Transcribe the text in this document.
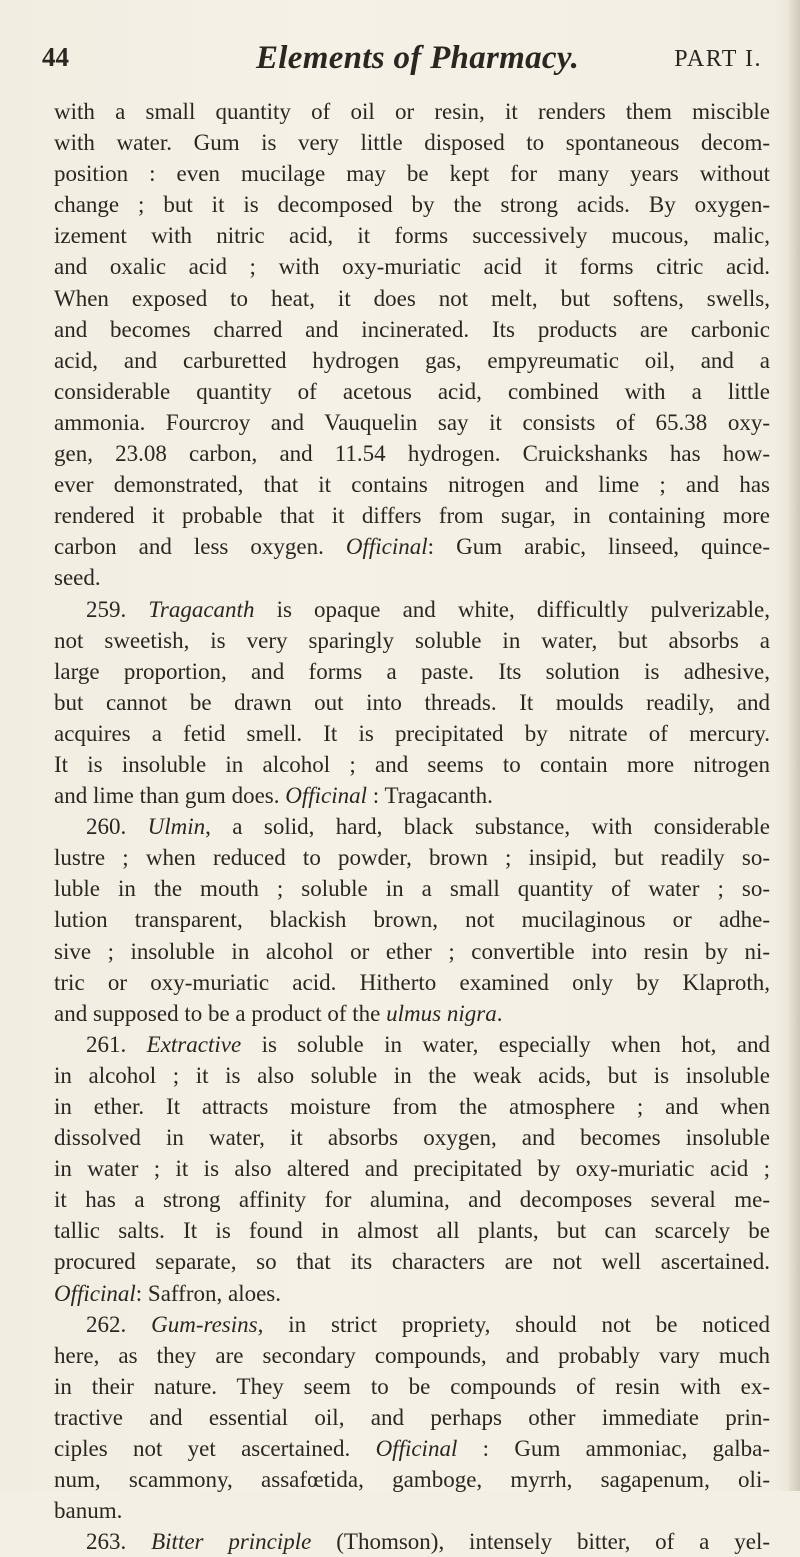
44	Elements of Pharmacy.	PART I.
with a small quantity of oil or resin, it renders them miscible
with water. Gum is very little disposed to spontaneous decom-
position : even mucilage may be kept for many years without
change ; but it is decomposed by the strong acids. By oxygen-
izement with nitric acid, it forms successively mucous, malic,
and oxalic acid ; with oxy-muriatic acid it forms citric acid.
When exposed to heat, it does not melt, but softens, swells,
and becomes charred and incinerated. Its products are carbonic
acid, and carburetted hydrogen gas, empyreumatic oil, and a
considerable quantity of acetous acid, combined with a little
ammonia. Fourcroy and Vauquelin say it consists of 65.38 oxy-
gen, 23.08 carbon, and 11.54 hydrogen. Cruickshanks has how-
ever demonstrated, that it contains nitrogen and lime ; and has
rendered it probable that it differs from sugar, in containing more
carbon and less oxygen. Officinal: Gum arabic, linseed, quince-
seed.
259. Tragacanth is opaque and white, difficultly pulverizable,
not sweetish, is very sparingly soluble in water, but absorbs a
large proportion, and forms a paste. Its solution is adhesive,
but cannot be drawn out into threads. It moulds readily, and
acquires a fetid smell. It is precipitated by nitrate of mercury.
It is insoluble in alcohol ; and seems to contain more nitrogen
and lime than gum does. Officinal : Tragacanth.
260. Ulmin, a solid, hard, black substance, with considerable
lustre ; when reduced to powder, brown ; insipid, but readily so-
luble in the mouth ; soluble in a small quantity of water ; so-
lution transparent, blackish brown, not mucilaginous or adhe-
sive ; insoluble in alcohol or ether ; convertible into resin by ni-
tric or oxy-muriatic acid. Hitherto examined only by Klaproth,
and supposed to be a product of the ulmus nigra.
261. Extractive is soluble in water, especially when hot, and
in alcohol ; it is also soluble in the weak acids, but is insoluble
in ether. It attracts moisture from the atmosphere ; and when
dissolved in water, it absorbs oxygen, and becomes insoluble
in water ; it is also altered and precipitated by oxy-muriatic acid ;
it has a strong affinity for alumina, and decomposes several me-
tallic salts. It is found in almost all plants, but can scarcely be
procured separate, so that its characters are not well ascertained.
Officinal: Saffron, aloes.
262. Gum-resins, in strict propriety, should not be noticed
here, as they are secondary compounds, and probably vary much
in their nature. They seem to be compounds of resin with ex-
tractive and essential oil, and perhaps other immediate prin-
ciples not yet ascertained. Officinal : Gum ammoniac, galba-
num, scammony, assafœtida, gamboge, myrrh, sagapenum, oli-
banum.
263. Bitter principle (Thomson), intensely bitter, of a yel-
